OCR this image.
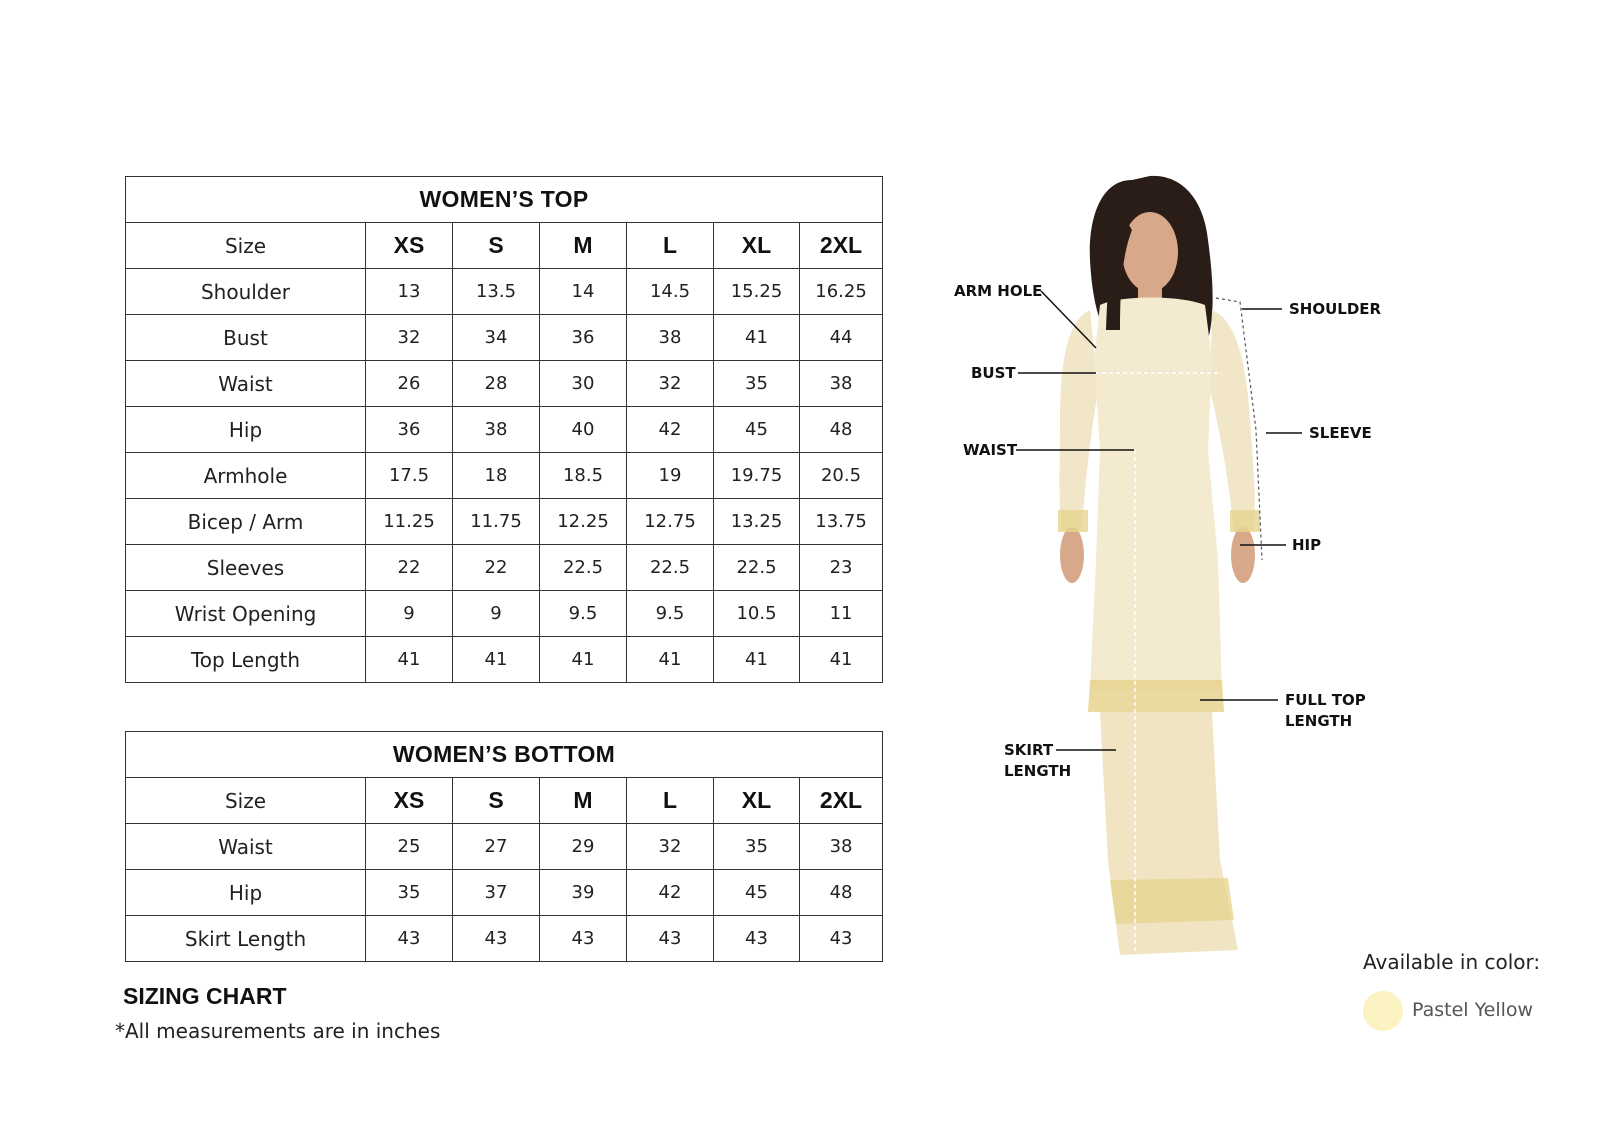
WOMEN’S TOP						
Size	XS	S	M	L	XL	2XL
Shoulder	13	13.5	14	14.5	15.25	16.25
Bust	32	34	36	38	41	44
Waist	26	28	30	32	35	38
Hip	36	38	40	42	45	48
Armhole	17.5	18	18.5	19	19.75	20.5
Bicep / Arm	11.25	11.75	12.25	12.75	13.25	13.75
Sleeves	22	22	22.5	22.5	22.5	23
Wrist Opening	9	9	9.5	9.5	10.5	11
Top Length	41	41	41	41	41	41
WOMEN’S BOTTOM						
Size	XS	S	M	L	XL	2XL
Waist	25	27	29	32	35	38
Hip	35	37	39	42	45	48
Skirt Length	43	43	43	43	43	43
SIZING CHART
*All measurements are in inches
ARM HOLE
BUST
WAIST
SKIRT
LENGTH
SHOULDER
SLEEVE
HIP
FULL TOP
LENGTH
Available in color:
Pastel Yellow
